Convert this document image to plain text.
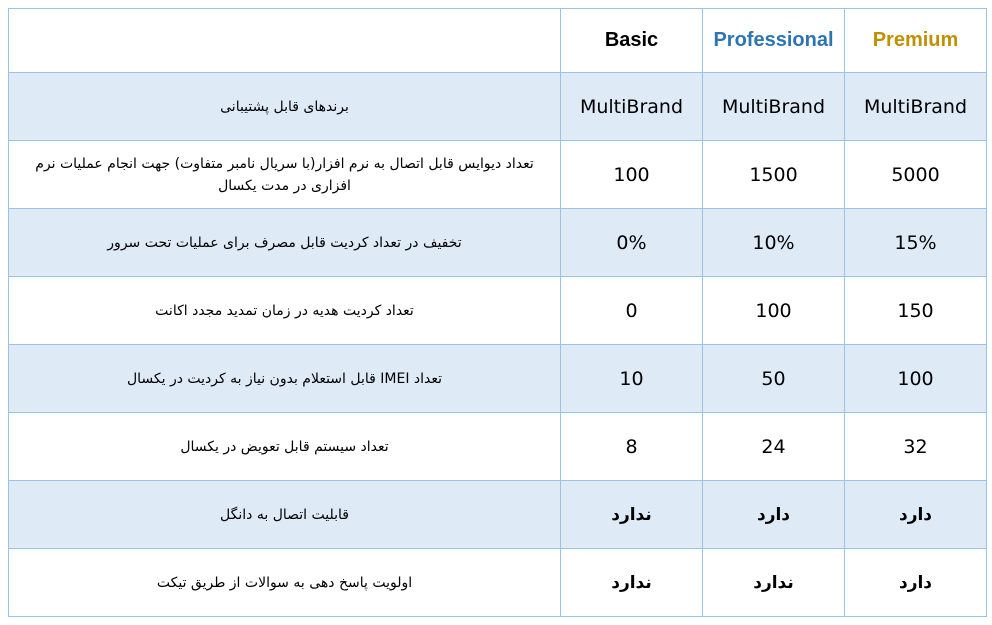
	Basic	Professional	Premium
برندهای قابل پشتیبانی	MultiBrand	MultiBrand	MultiBrand
تعداد دیوایس قابل اتصال به نرم افزار(با سریال نامبر متفاوت) جهت انجام عملیات نرم افزاری در مدت یکسال	100	1500	5000
تخفیف در تعداد کردیت قابل مصرف برای عملیات تحت سرور	0%	10%	15%
تعداد کردیت هدیه در زمان تمدید مجدد اکانت	0	100	150
تعداد IMEI قابل استعلام بدون نیاز به کردیت در یکسال	10	50	100
تعداد سیستم قابل تعویض در یکسال	8	24	32
قابلیت اتصال به دانگل	ندارد	دارد	دارد
اولویت پاسخ دهی به سوالات از طریق تیکت	ندارد	ندارد	دارد
